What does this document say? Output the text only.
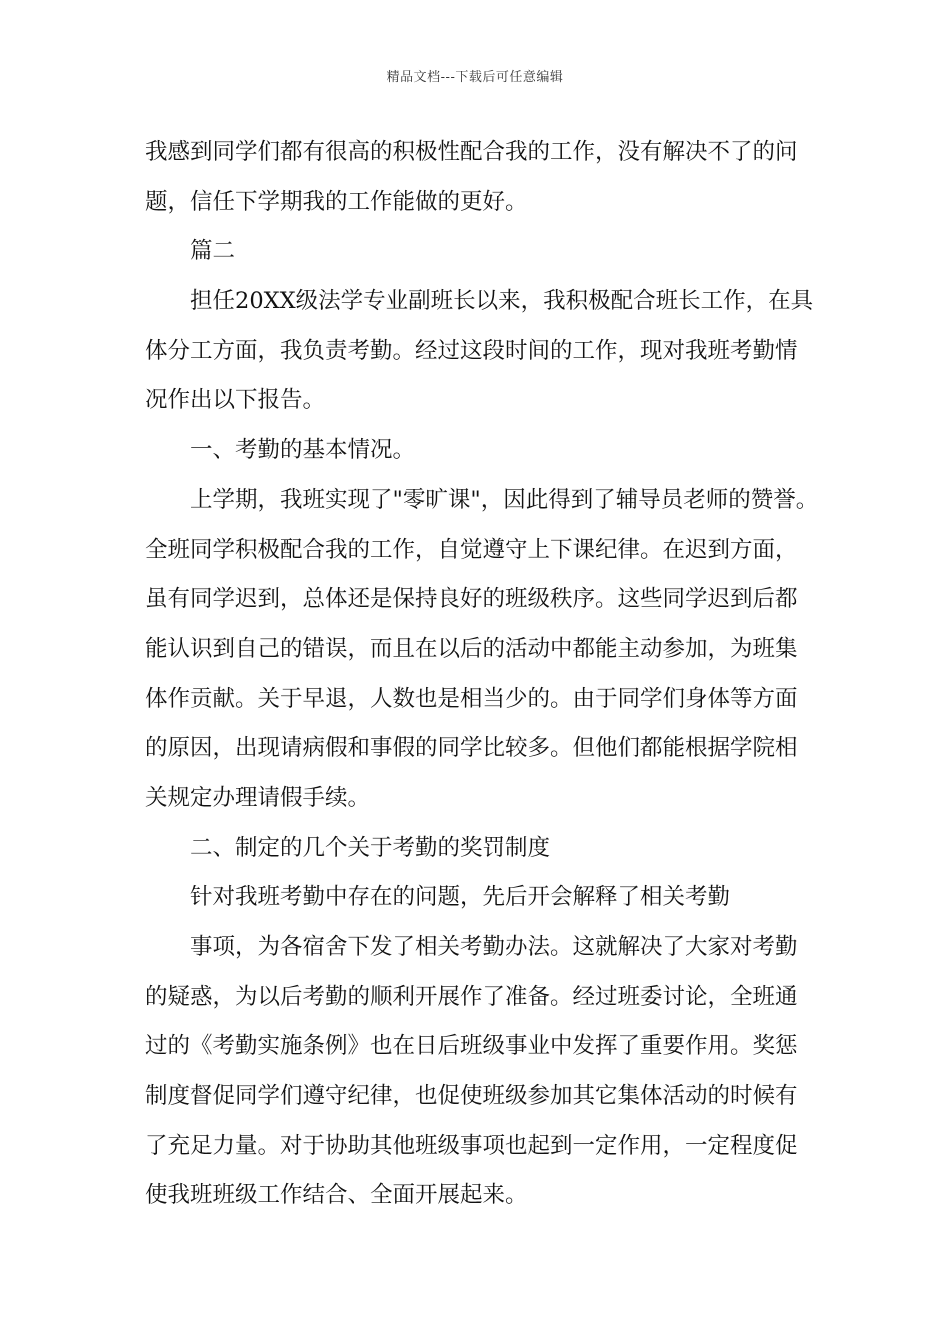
精品文档---下载后可任意编辑
我感到同学们都有很高的积极性配合我的工作，没有解决不了的问
题，信任下学期我的工作能做的更好。
篇二
担任20XX级法学专业副班长以来，我积极配合班长工作，在具
体分工方面，我负责考勤。经过这段时间的工作，现对我班考勤情
况作出以下报告。
一、考勤的基本情况。
上学期，我班实现了"零旷课"，因此得到了辅导员老师的赞誉。
全班同学积极配合我的工作，自觉遵守上下课纪律。在迟到方面，
虽有同学迟到，总体还是保持良好的班级秩序。这些同学迟到后都
能认识到自己的错误，而且在以后的活动中都能主动参加，为班集
体作贡献。关于早退，人数也是相当少的。由于同学们身体等方面
的原因，出现请病假和事假的同学比较多。但他们都能根据学院相
关规定办理请假手续。
二、制定的几个关于考勤的奖罚制度
针对我班考勤中存在的问题，先后开会解释了相关考勤
事项，为各宿舍下发了相关考勤办法。这就解决了大家对考勤
的疑惑，为以后考勤的顺利开展作了准备。经过班委讨论，全班通
过的《考勤实施条例》也在日后班级事业中发挥了重要作用。奖惩
制度督促同学们遵守纪律，也促使班级参加其它集体活动的时候有
了充足力量。对于协助其他班级事项也起到一定作用，一定程度促
使我班班级工作结合、全面开展起来。
